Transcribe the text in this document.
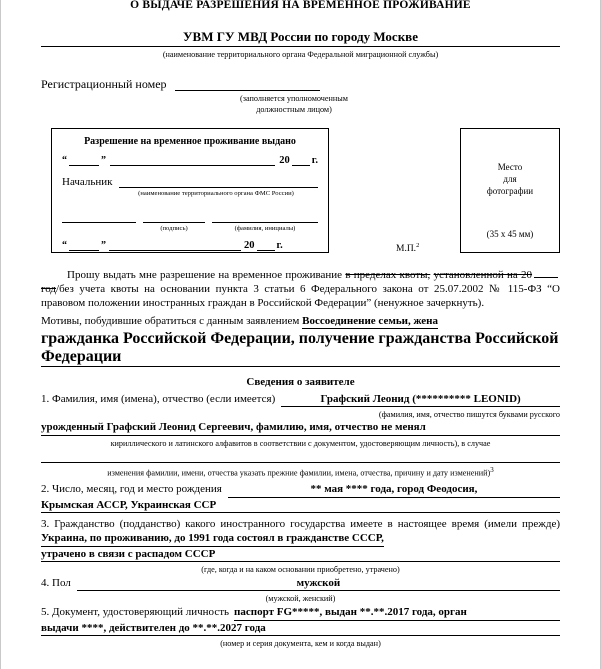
О ВЫДАЧЕ РАЗРЕШЕНИЯ НА ВРЕМЕННОЕ ПРОЖИВАНИЕ
УВМ ГУ МВД России по городу Москве
(наименование территориального органа Федеральной миграционной службы)
Регистрационный номер
(заполняется уполномоченным
должностным лицом)
Разрешение на временное проживание выдано
“	”	20 г.
Начальник
(наименование территориального органа ФМС России)
(подпись)	(фамилия, инициалы)
“	”	20 г.	М.П.$^2$
Место
для
фотографии
(35 х 45 мм)
Прошу выдать мне разрешение на временное проживание в пределах квоты, установленной на 20год/без учета квоты на основании пункта 3 статьи 6 Федерального закона от 25.07.2002 № 115-ФЗ “О правовом положении иностранных граждан в Российской Федерации” (ненужное зачеркнуть).
Мотивы, побудившие обратиться с данным заявлением Воссоединение семьи, жена
гражданка Российской Федерации, получение гражданства Российской Федерации
Сведения о заявителе
1.
Фамилия, имя (имена), отчество (если имеется)	Графский Леонид (********** LEONID)
(фамилия, имя, отчество пишутся буквами русского
урожденный Графский Леонид Сергеевич, фамилию, имя, отчество не менял
кириллического и латинского алфавитов в соответствии с документом, удостоверяющим личность), в случае
изменения фамилии, имени, отчества указать прежние фамилии, имена, отчества, причину и дату изменений)3
2.
Число, месяц, год и место рождения	** мая **** года, город Феодосия,
Крымская АССР, Украинская ССР
3. Гражданство (подданство) какого иностранного государства имеете в настоящее время (имели прежде) Украина, по проживанию, до 1991 года состоял в гражданстве СССР,
утрачено в связи с распадом СССР
(где, когда и на каком основании приобретено, утрачено)
4.
Пол	мужской
(мужской, женский)
5.
Документ, удостоверяющий личность паспорт FG*****, выдан **.**.2017 года, орган
выдачи ****, действителен до **.**.2027 года
(номер и серия документа, кем и когда выдан)
